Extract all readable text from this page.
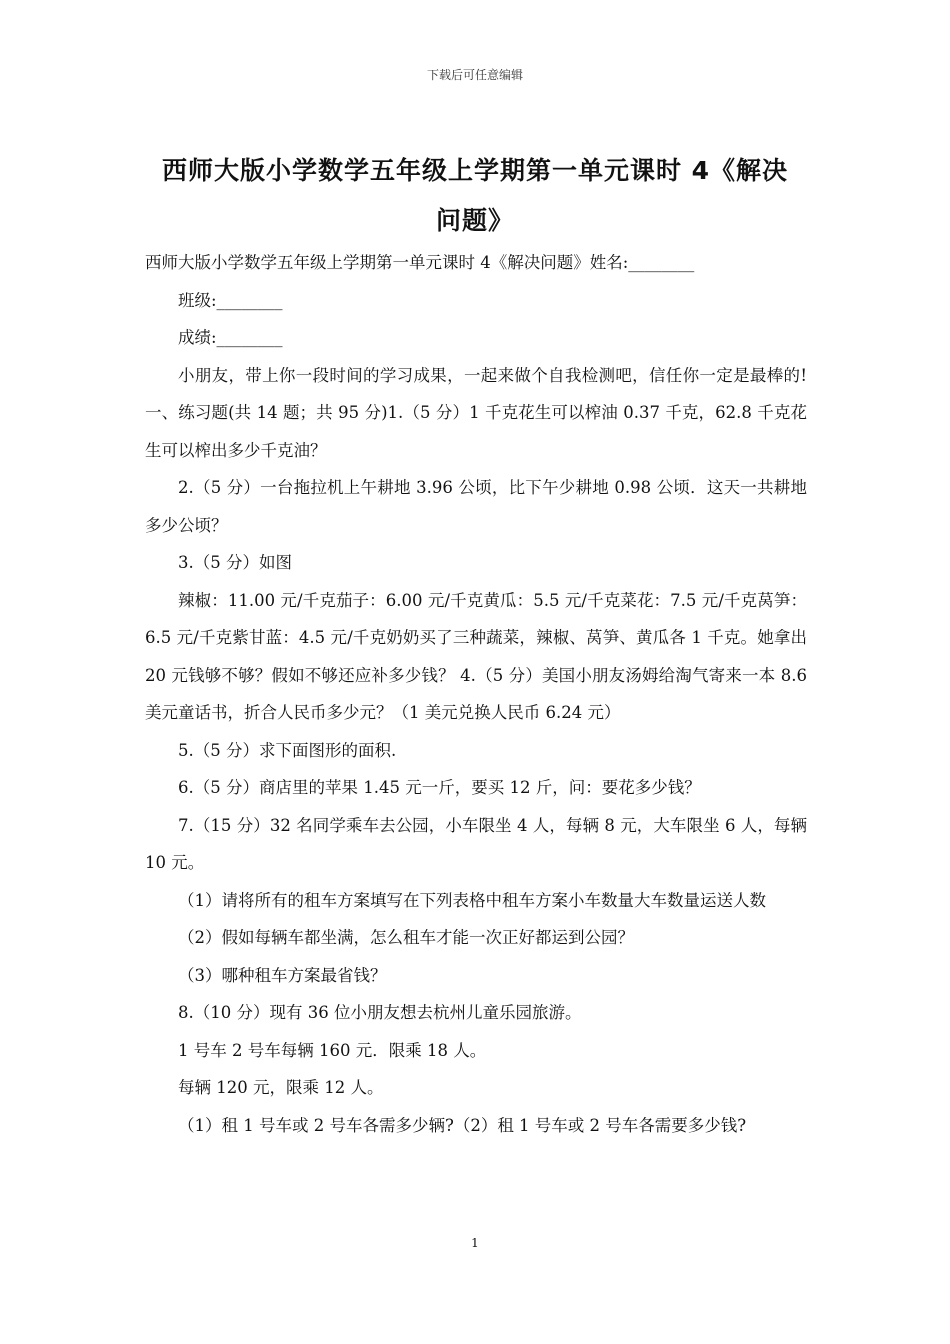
下载后可任意编辑
西师大版小学数学五年级上学期第一单元课时 4《解决问题》

西师大版小学数学五年级上学期第一单元课时 4《解决问题》姓名:________

班级:________

成绩:________

小朋友，带上你一段时间的学习成果，一起来做个自我检测吧，信任你一定是最棒的!一、练习题(共 14 题；共 95 分)1.（5 分）1 千克花生可以榨油 0.37 千克，62.8 千克花生可以榨出多少千克油？

2.（5 分）一台拖拉机上午耕地 3.96 公顷，比下午少耕地 0.98 公顷．这天一共耕地多少公顷？

3.（5 分）如图

辣椒：11.00 元/千克茄子：6.00 元/千克黄瓜：5.5 元/千克菜花：7.5 元/千克莴笋：6.5 元/千克紫甘蓝：4.5 元/千克奶奶买了三种蔬菜，辣椒、莴笋、黄瓜各 1 千克。她拿出 20 元钱够不够？假如不够还应补多少钱？ 4.（5 分）美国小朋友汤姆给淘气寄来一本 8.6 美元童话书，折合人民币多少元？（1 美元兑换人民币 6.24 元）

5.（5 分）求下面图形的面积.

6.（5 分）商店里的苹果 1.45 元一斤，要买 12 斤，问：要花多少钱？

7.（15 分）32 名同学乘车去公园，小车限坐 4 人，每辆 8 元，大车限坐 6 人，每辆 10 元。

（1）请将所有的租车方案填写在下列表格中租车方案小车数量大车数量运送人数

（2）假如每辆车都坐满，怎么租车才能一次正好都运到公园？

（3）哪种租车方案最省钱？

8.（10 分）现有 36 位小朋友想去杭州儿童乐园旅游。

1 号车 2 号车每辆 160 元．限乘 18 人。

每辆 120 元，限乘 12 人。

（1）租 1 号车或 2 号车各需多少辆?（2）租 1 号车或 2 号车各需要多少钱?

1
